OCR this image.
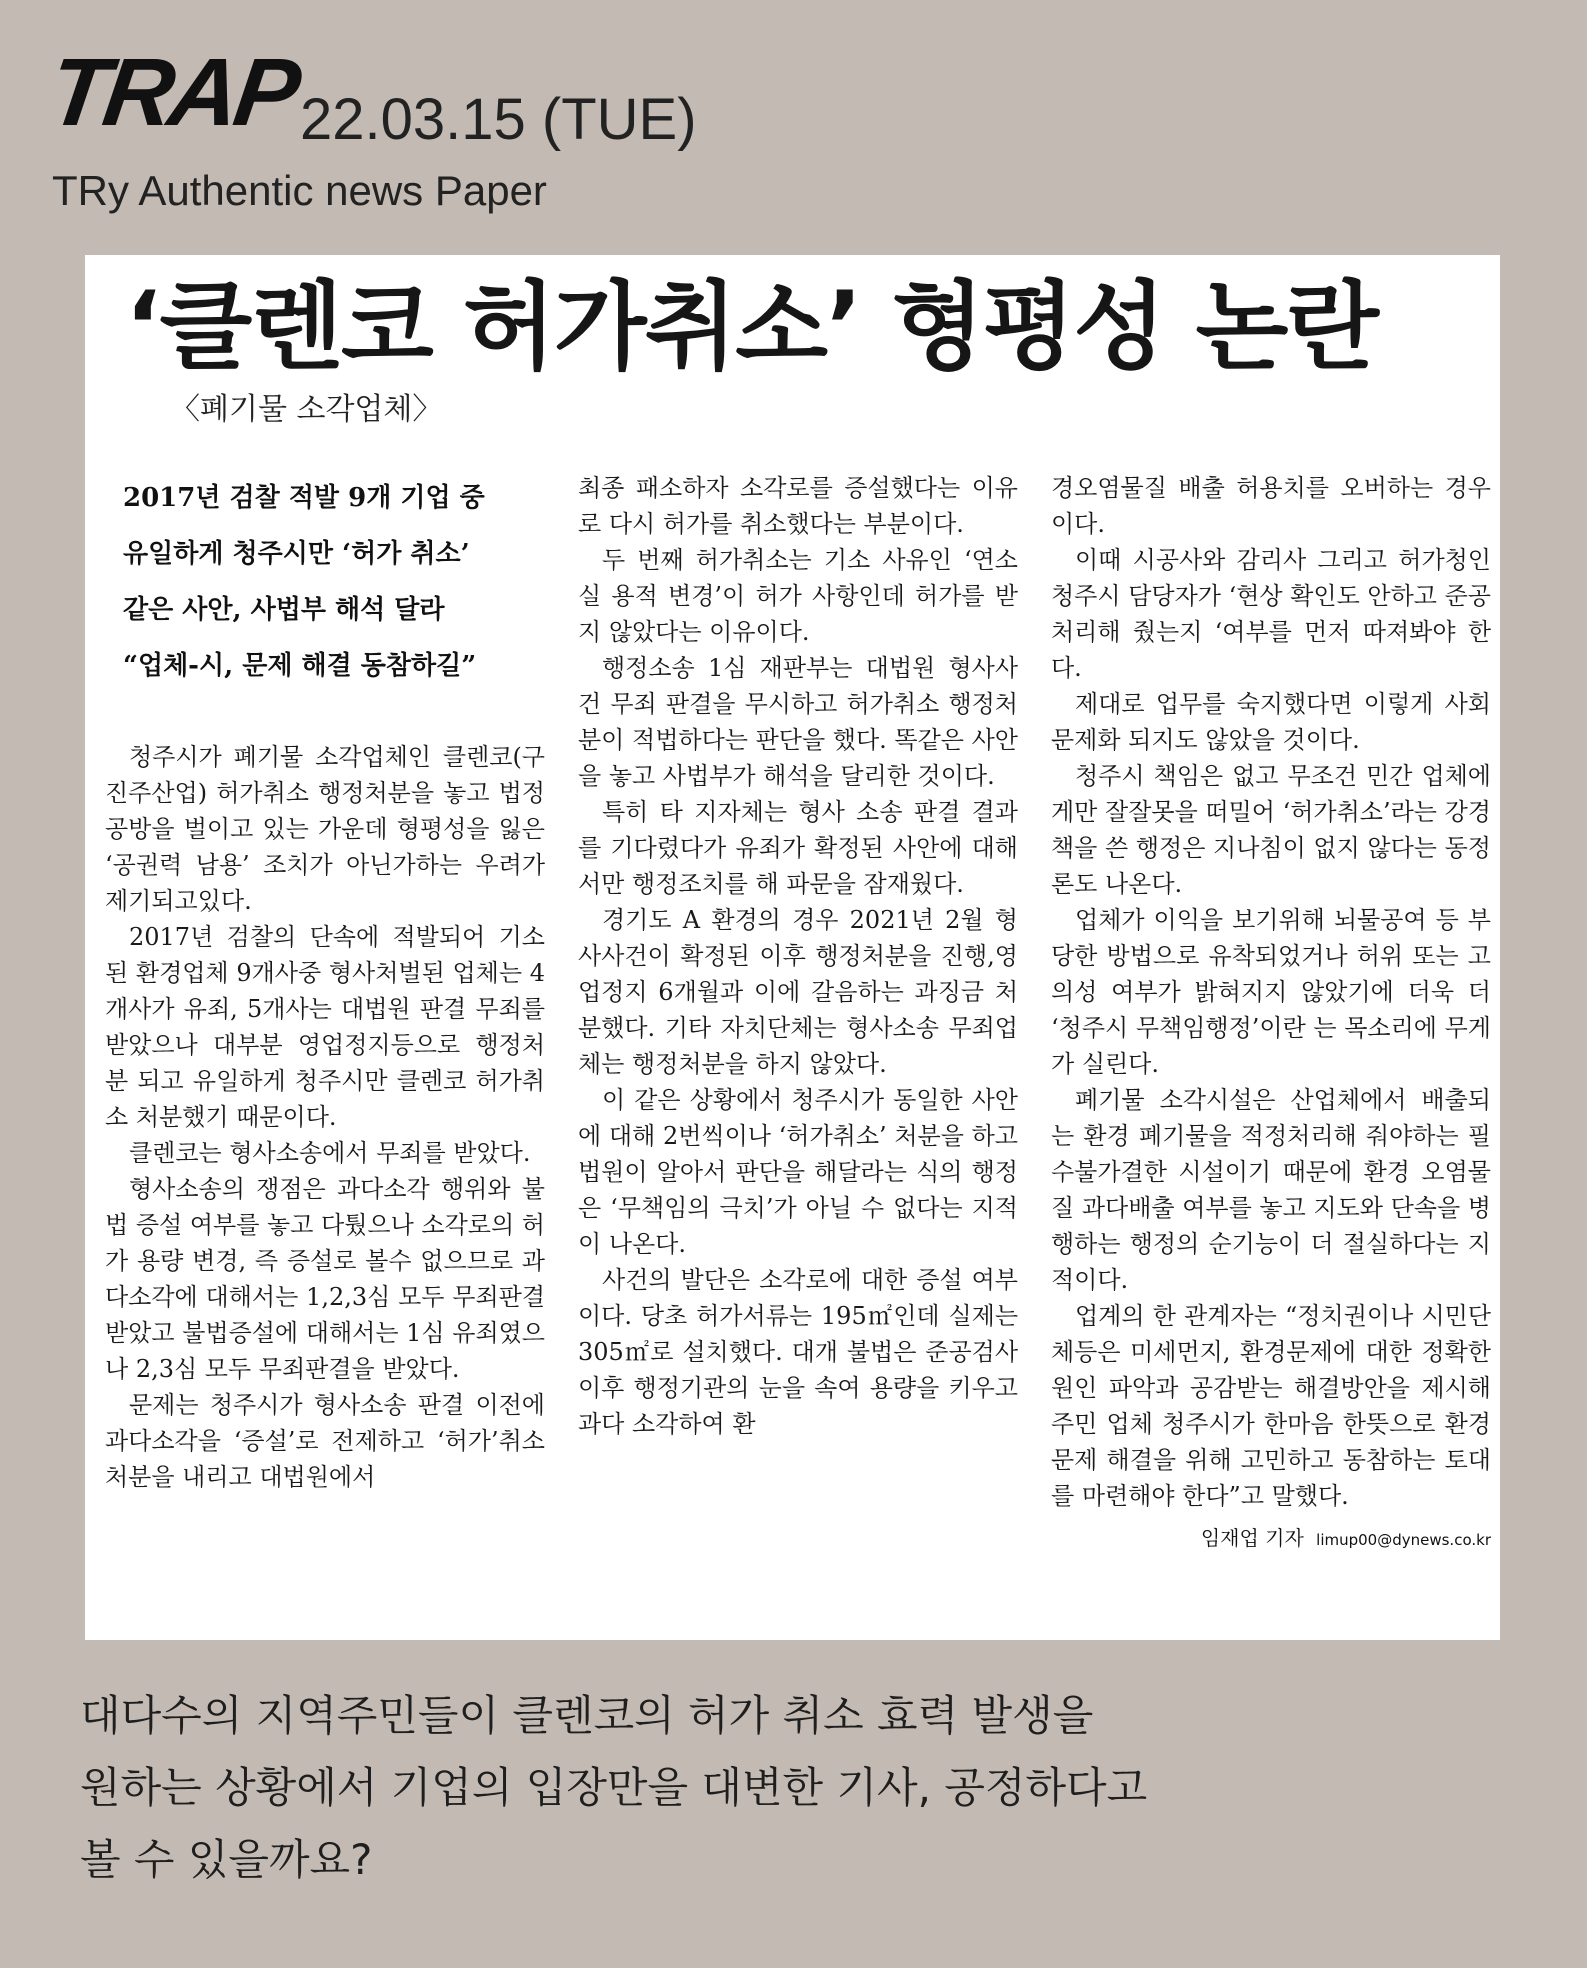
TRAP
22.03.15 (TUE)
TRy Authentic news Paper
‘클렌코 허가취소’ 형평성 논란
〈폐기물 소각업체〉
2017년 검찰 적발 9개 기업 중
유일하게 청주시만 ‘허가 취소’
같은 사안, 사법부 해석 달라
“업체-시, 문제 해결 동참하길”

청주시가 폐기물 소각업체인 클렌코(구 진주산업) 허가취소 행정처분을 놓고 법정공방을 벌이고 있는 가운데 형평성을 잃은 ‘공권력 남용’ 조치가 아닌가하는 우려가 제기되고있다.

2017년 검찰의 단속에 적발되어 기소된 환경업체 9개사중 형사처벌된 업체는 4개사가 유죄, 5개사는 대법원 판결 무죄를 받았으나 대부분 영업정지등으로 행정처분 되고 유일하게 청주시만 클렌코 허가취소 처분했기 때문이다.

클렌코는 형사소송에서 무죄를 받았다.

형사소송의 쟁점은 과다소각 행위와 불법 증설 여부를 놓고 다퉜으나 소각로의 허가 용량 변경, 즉 증설로 볼수 없으므로 과다소각에 대해서는 1,2,3심 모두 무죄판결 받았고 불법증설에 대해서는 1심 유죄였으나 2,3심 모두 무죄판결을 받았다.

문제는 청주시가 형사소송 판결 이전에 과다소각을 ‘증설’로 전제하고 ‘허가’취소 처분을 내리고 대법원에서

최종 패소하자 소각로를 증설했다는 이유로 다시 허가를 취소했다는 부분이다.

두 번째 허가취소는 기소 사유인 ‘연소실 용적 변경’이 허가 사항인데 허가를 받지 않았다는 이유이다.

행정소송 1심 재판부는 대법원 형사사건 무죄 판결을 무시하고 허가취소 행정처분이 적법하다는 판단을 했다. 똑같은 사안을 놓고 사법부가 해석을 달리한 것이다.

특히 타 지자체는 형사 소송 판결 결과를 기다렸다가 유죄가 확정된 사안에 대해서만 행정조치를 해 파문을 잠재웠다.

경기도 A 환경의 경우 2021년 2월 형사사건이 확정된 이후 행정처분을 진행,영업정지 6개월과 이에 갈음하는 과징금 처분했다. 기타 자치단체는 형사소송 무죄업체는 행정처분을 하지 않았다.

이 같은 상황에서 청주시가 동일한 사안에 대해 2번씩이나 ‘허가취소’ 처분을 하고 법원이 알아서 판단을 해달라는 식의 행정은 ‘무책임의 극치’가 아닐 수 없다는 지적이 나온다.

사건의 발단은 소각로에 대한 증설 여부이다. 당초 허가서류는 195㎡인데 실제는 305㎡로 설치했다. 대개 불법은 준공검사 이후 행정기관의 눈을 속여 용량을 키우고 과다 소각하여 환

경오염물질 배출 허용치를 오버하는 경우이다.

이때 시공사와 감리사 그리고 허가청인 청주시 담당자가 ‘현상 확인도 안하고 준공 처리해 줬는지 ‘여부를 먼저 따져봐야 한다.

제대로 업무를 숙지했다면 이렇게 사회문제화 되지도 않았을 것이다.

청주시 책임은 없고 무조건 민간 업체에게만 잘잘못을 떠밀어 ‘허가취소’라는 강경책을 쓴 행정은 지나침이 없지 않다는 동정론도 나온다.

업체가 이익을 보기위해 뇌물공여 등 부당한 방법으로 유착되었거나 허위 또는 고의성 여부가 밝혀지지 않았기에 더욱 더 ‘청주시 무책임행정’이란 는 목소리에 무게가 실린다.

폐기물 소각시설은 산업체에서 배출되는 환경 폐기물을 적정처리해 줘야하는 필수불가결한 시설이기 때문에 환경 오염물질 과다배출 여부를 놓고 지도와 단속을 병행하는 행정의 순기능이 더 절실하다는 지적이다.

업계의 한 관계자는 “정치권이나 시민단체등은 미세먼지, 환경문제에 대한 정확한 원인 파악과 공감받는 해결방안을 제시해 주민 업체 청주시가 한마음 한뜻으로 환경문제 해결을 위해 고민하고 동참하는 토대를 마련해야 한다”고 말했다.

임재업 기자 limup00@dynews.co.kr
대다수의 지역주민들이 클렌코의 허가 취소 효력 발생을
원하는 상황에서 기업의 입장만을 대변한 기사, 공정하다고
볼 수 있을까요?
